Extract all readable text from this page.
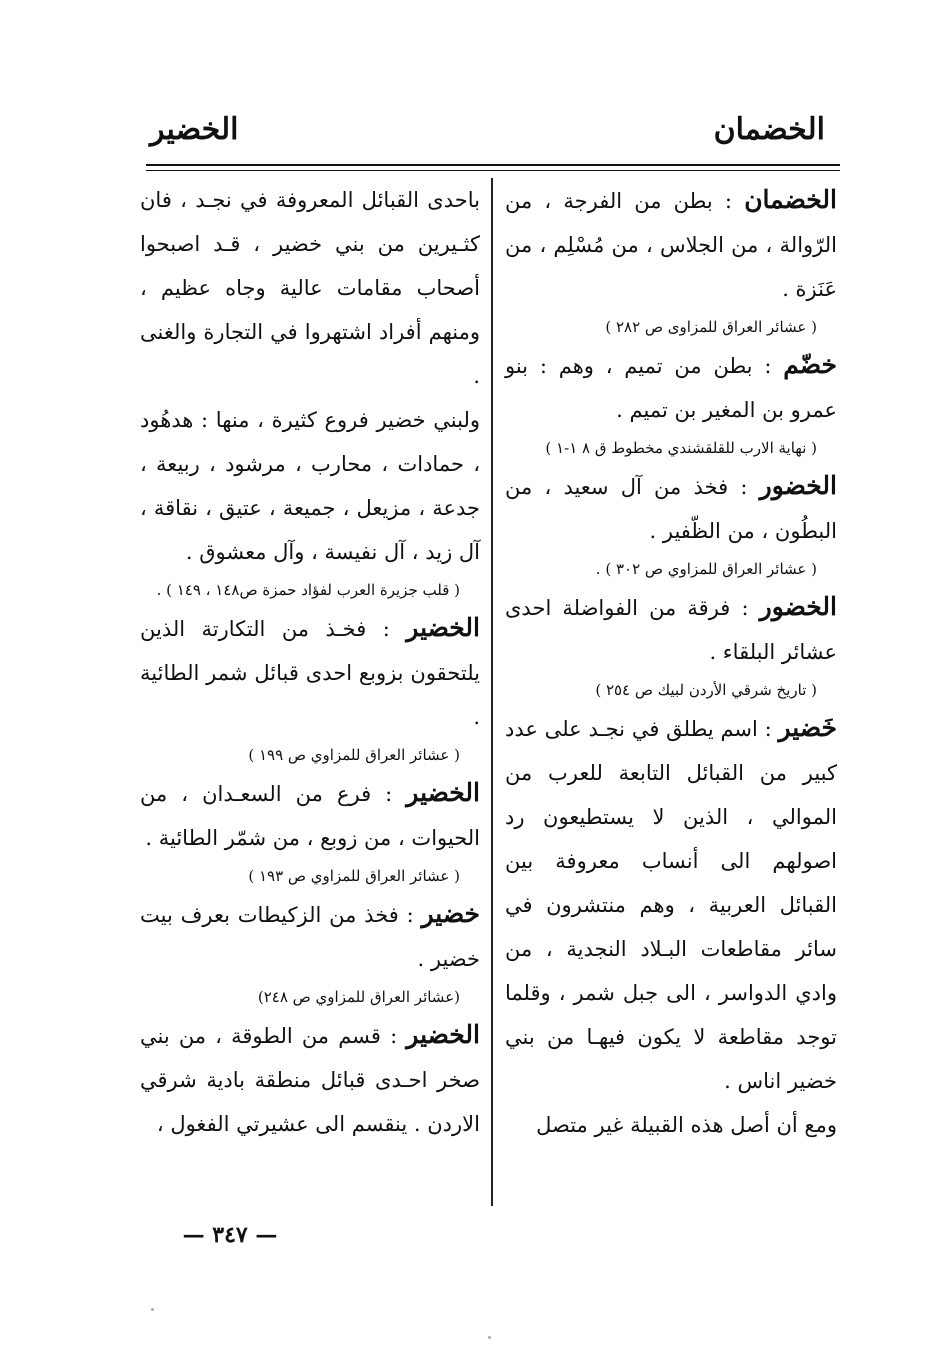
الخضمان
الخضير

الخضمان : بطن من الفرجة ، من الرّوالة ، من الجلاس ، من مُسْلِم ، من عَنَزة .

( عشائر العراق للمزاوى ص ٢٨٢ )

خضّم : بطن من تميم ، وهم : بنو عمرو بن المغير بن تميم .

( نهاية الارب للقلقشندي مخطوط ق ٨ ١-١ )

الخضور : فخذ من آل سعيد ، من البطُون ، من الظّفير .

( عشائر العراق للمزاوي ص ٣٠٢ ) .

الخضور : فرقة من الفواضلة احدى عشائر البلقاء .

( تاريخ شرقي الأردن لبيك ص ٢٥٤ )

خَضير : اسم يطلق في نجـد على عدد كبير من القبائل التابعة للعرب من الموالي ، الذين لا يستطيعون رد اصولهم الى أنساب معروفة بين القبائل العربية ، وهم منتشرون في سائر مقاطعات البـلاد النجدية ، من وادي الدواسر ، الى جبل شمر ، وقلما توجد مقاطعة لا يكون فيهـا من بني خضير اناس .

ومع أن أصل هذه القبيلة غير متصل

باحدى القبائل المعروفة في نجـد ، فان كثـيرين من بني خضير ، قـد اصبحوا أصحاب مقامات عالية وجاه عظيم ، ومنهم أفراد اشتهروا في التجارة والغنى .

ولبني خضير فروع كثيرة ، منها : هدهُود ، حمادات ، محارب ، مرشود ، ربيعة ، جدعة ، مزيعل ، جميعة ، عتيق ، نقاقة ، آل زيد ، آل نفيسة ، وآل معشوق .

( قلب جزيرة العرب لفؤاد حمزة ص١٤٨ ، ١٤٩ ) .

الخضير : فخـذ من التكارتة الذين يلتحقون بزوبع احدى قبائل شمر الطائية .

( عشائر العراق للمزاوي ص ١٩٩ )

الخضير : فرع من السعـدان ، من الحيوات ، من زوبع ، من شمّر الطائية .

( عشائر العراق للمزاوي ص ١٩٣ )

خضير : فخذ من الزكيطات بعرف بيت خضير .

(عشائر العراق للمزاوي ص ٢٤٨)

الخضير : قسم من الطوقة ، من بني صخر احـدى قبائل منطقة بادية شرقي الاردن . ينقسم الى عشيرتي الفغول ،

— ٣٤٧ —
